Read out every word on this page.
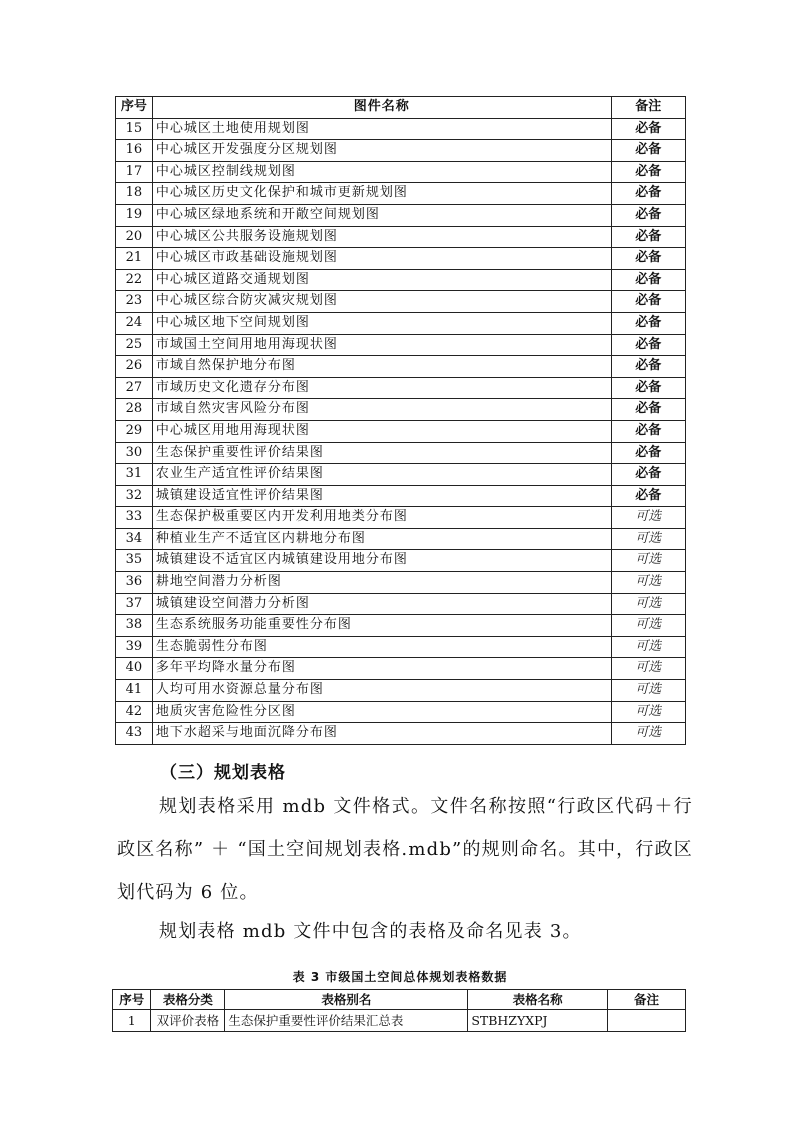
序号	图件名称	备注
15	中心城区土地使用规划图	必备
16	中心城区开发强度分区规划图	必备
17	中心城区控制线规划图	必备
18	中心城区历史文化保护和城市更新规划图	必备
19	中心城区绿地系统和开敞空间规划图	必备
20	中心城区公共服务设施规划图	必备
21	中心城区市政基础设施规划图	必备
22	中心城区道路交通规划图	必备
23	中心城区综合防灾减灾规划图	必备
24	中心城区地下空间规划图	必备
25	市域国土空间用地用海现状图	必备
26	市域自然保护地分布图	必备
27	市域历史文化遗存分布图	必备
28	市域自然灾害风险分布图	必备
29	中心城区用地用海现状图	必备
30	生态保护重要性评价结果图	必备
31	农业生产适宜性评价结果图	必备
32	城镇建设适宜性评价结果图	必备
33	生态保护极重要区内开发利用地类分布图	可选
34	种植业生产不适宜区内耕地分布图	可选
35	城镇建设不适宜区内城镇建设用地分布图	可选
36	耕地空间潜力分析图	可选
37	城镇建设空间潜力分析图	可选
38	生态系统服务功能重要性分布图	可选
39	生态脆弱性分布图	可选
40	多年平均降水量分布图	可选
41	人均可用水资源总量分布图	可选
42	地质灾害危险性分区图	可选
43	地下水超采与地面沉降分布图	可选
（三）规划表格

规划表格采用 mdb 文件格式。文件名称按照“行政区代码＋行政区名称” ＋ “国土空间规划表格.mdb”的规则命名。其中，行政区划代码为 6 位。

规划表格 mdb 文件中包含的表格及命名见表 3。

表 3 市级国土空间总体规划表格数据
序号	表格分类	表格别名	表格名称	备注
1	双评价表格	生态保护重要性评价结果汇总表	STBHZYXPJ	
